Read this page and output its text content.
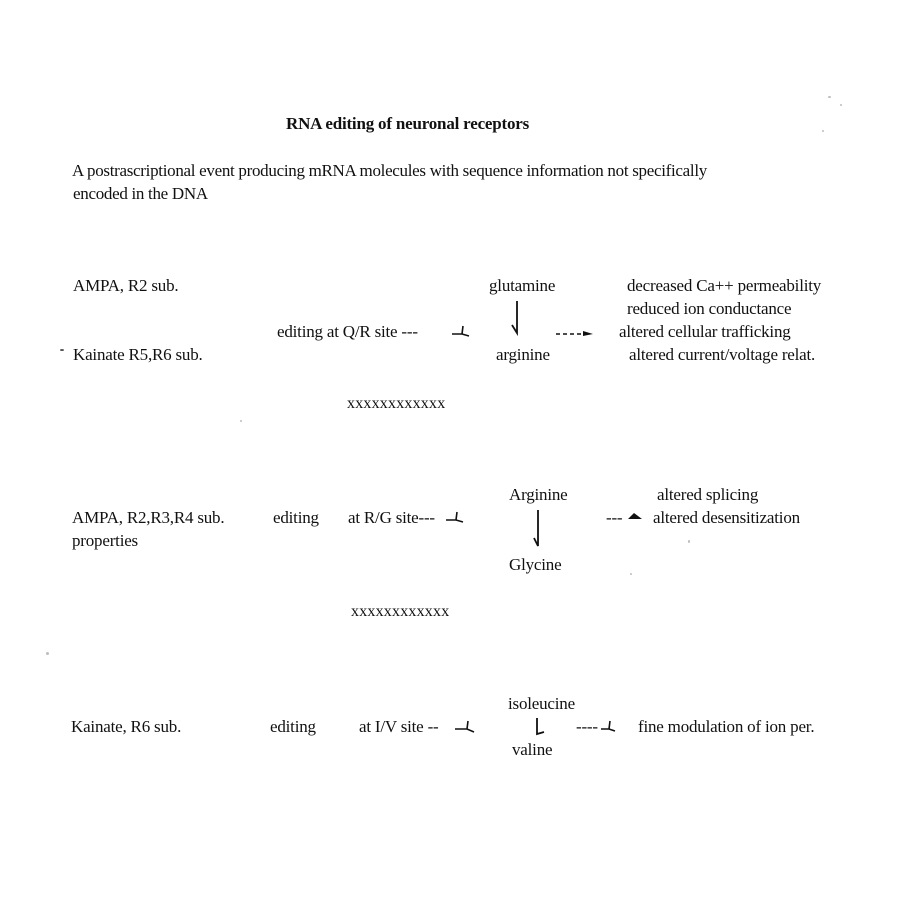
RNA editing of neuronal receptors
A postrascriptional event producing mRNA molecules with sequence information not specifically
encoded in the DNA
AMPA, R2 sub.
Kainate R5,R6 sub.
editing at Q/R site ---
glutamine
arginine
decreased Ca++ permeability
reduced ion conductance
altered cellular trafficking
altered current/voltage relat.
xxxxxxxxxxxx
AMPA, R2,R3,R4 sub.
properties
editing at R/G site---
Arginine
Glycine
---
altered splicing
altered desensitization
xxxxxxxxxxxx
Kainate, R6 sub.	editing	at I/V site --
isoleucine
valine
---- fine modulation of ion per.
